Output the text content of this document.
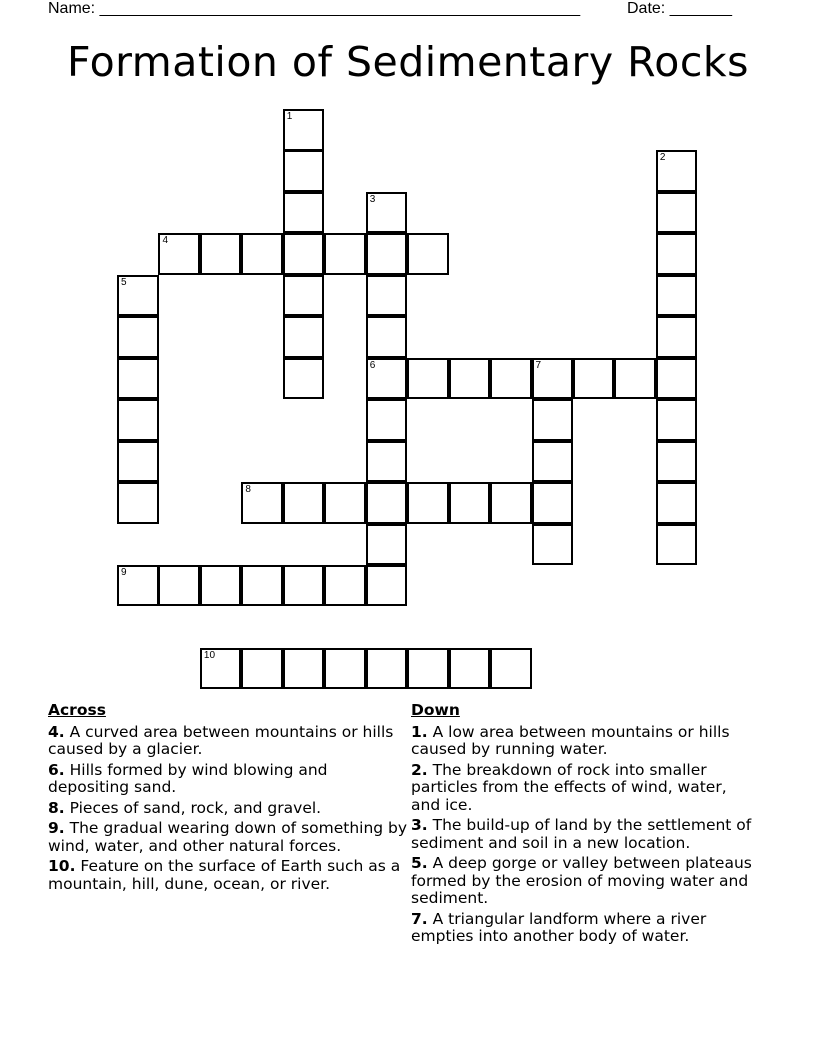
Name: ______________________________________________________	Date: _______
Formation of Sedimentary Rocks
1
2
3
6
4
5
7
8
9
10
Across
4. A curved area between mountains or hills caused by a glacier.
6. Hills formed by wind blowing and depositing sand.
8. Pieces of sand, rock, and gravel.
9. The gradual wearing down of something by wind, water, and other natural forces.
10. Feature on the surface of Earth such as a mountain, hill, dune, ocean, or river.
Down
1. A low area between mountains or hills caused by running water.
2. The breakdown of rock into smaller particles from the effects of wind, water, and ice.
3. The build-up of land by the settlement of sediment and soil in a new location.
5. A deep gorge or valley between plateaus formed by the erosion of moving water and sediment.
7. A triangular landform where a river empties into another body of water.
